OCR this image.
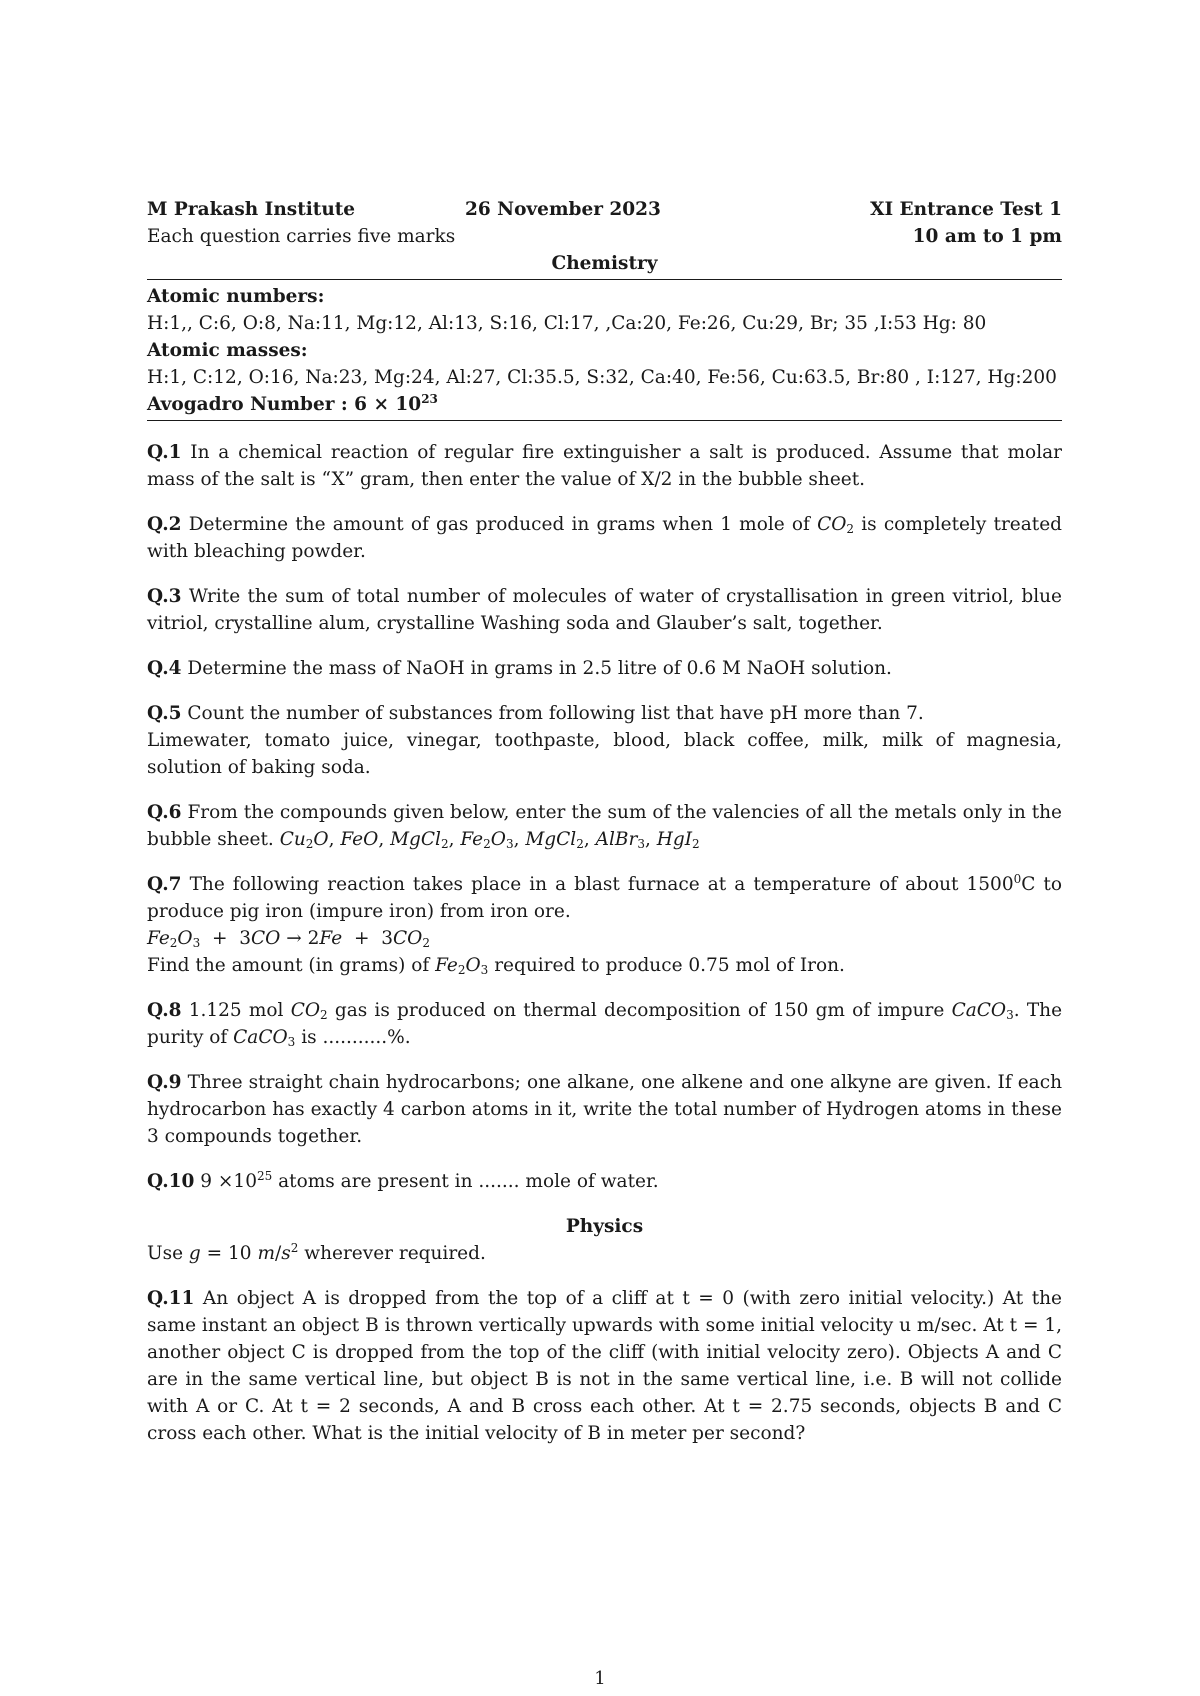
M Prakash Institute	26 November 2023	XI Entrance Test 1
Each question carries five marks	10 am to 1 pm
Chemistry
Atomic numbers:
H:1,, C:6, O:8, Na:11, Mg:12, Al:13, S:16, Cl:17, ,Ca:20, Fe:26, Cu:29, Br; 35 ,I:53 Hg: 80
Atomic masses:
H:1, C:12, O:16, Na:23, Mg:24, Al:27, Cl:35.5, S:32, Ca:40, Fe:56, Cu:63.5, Br:80 , I:127, Hg:200
Avogadro Number : $6 \times 10^{23}$
Q.1 In a chemical reaction of regular fire extinguisher a salt is produced. Assume that molar mass of the salt is “X” gram, then enter the value of X/2 in the bubble sheet.
Q.2 Determine the amount of gas produced in grams when 1 mole of $CO_2$ is completely treated with bleaching powder.
Q.3 Write the sum of total number of molecules of water of crystallisation in green vitriol, blue vitriol, crystalline alum, crystalline Washing soda and Glauber’s salt, together.
Q.4 Determine the mass of NaOH in grams in 2.5 litre of 0.6 M NaOH solution.
Q.5 Count the number of substances from following list that have pH more than 7.
Limewater, tomato juice, vinegar, toothpaste, blood, black coffee, milk, milk of magnesia, solution of baking soda.
Q.6 From the compounds given below, enter the sum of the valencies of all the metals only in the bubble sheet. $Cu_2O$, FeO, MgCl$_2$, $Fe_2O_3$, MgCl$_2$, AlBr$_3$, HgI$_2$
Q.7 The following reaction takes place in a blast furnace at a temperature of about 1500$^0$C to produce pig iron (impure iron) from iron ore.
$Fe_2O_3 + 3CO \to 2Fe + 3CO_2$
Find the amount (in grams) of $Fe_2O_3$ required to produce 0.75 mol of Iron.
Q.8 1.125 mol $CO_2$ gas is produced on thermal decomposition of 150 gm of impure CaCO$_3$. The purity of CaCO$_3$ is ...........%.
Q.9 Three straight chain hydrocarbons; one alkane, one alkene and one alkyne are given. If each hydrocarbon has exactly 4 carbon atoms in it, write the total number of Hydrogen atoms in these 3 compounds together.
Q.10 $9 \times 10^{25}$ atoms are present in ....... mole of water.
Physics
Use g = 10 $m/s^2$ wherever required.
Q.11 An object A is dropped from the top of a cliff at t = 0 (with zero initial velocity.) At the same instant an object B is thrown vertically upwards with some initial velocity u m/sec. At t = 1, another object C is dropped from the top of the cliff (with initial velocity zero). Objects A and C are in the same vertical line, but object B is not in the same vertical line, i.e. B will not collide with A or C. At t = 2 seconds, A and B cross each other. At t = 2.75 seconds, objects B and C cross each other. What is the initial velocity of B in meter per second?
1
